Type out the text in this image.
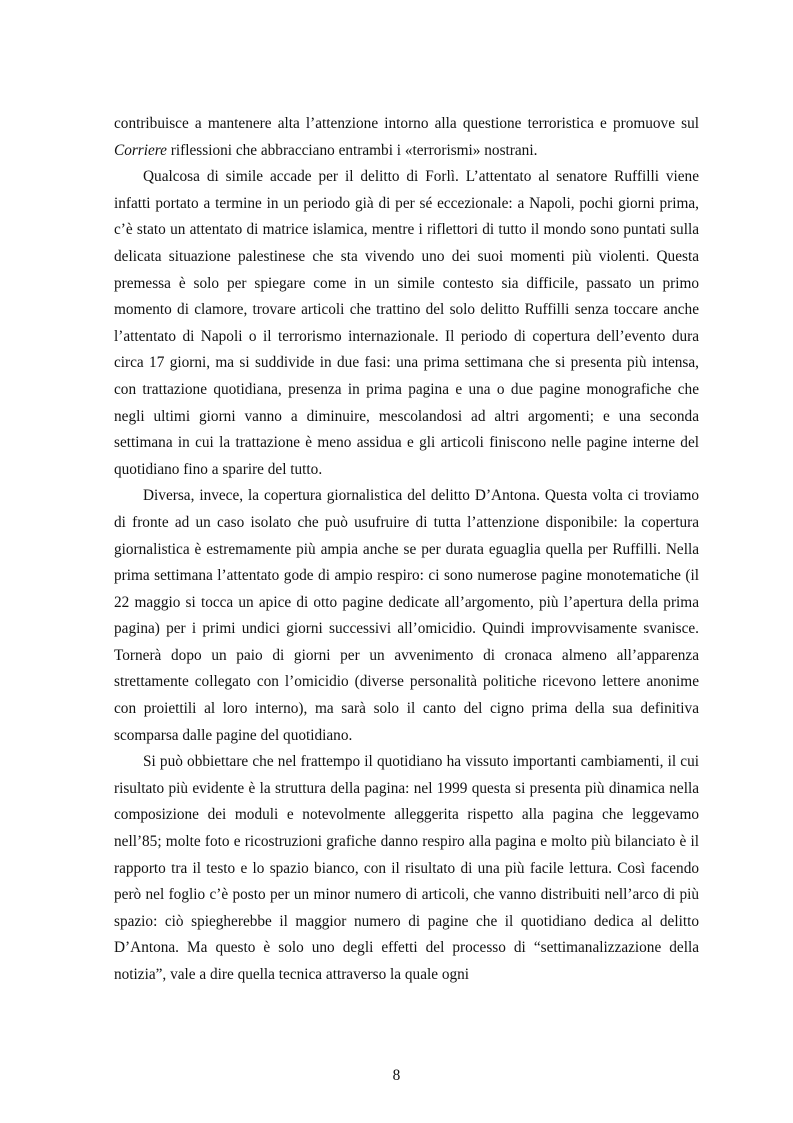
contribuisce a mantenere alta l’attenzione intorno alla questione terroristica e promuove sul Corriere riflessioni che abbracciano entrambi i «terrorismi» nostrani.

Qualcosa di simile accade per il delitto di Forlì. L’attentato al senatore Ruffilli viene infatti portato a termine in un periodo già di per sé eccezionale: a Napoli, pochi giorni prima, c’è stato un attentato di matrice islamica, mentre i riflettori di tutto il mondo sono puntati sulla delicata situazione palestinese che sta vivendo uno dei suoi momenti più violenti. Questa premessa è solo per spiegare come in un simile contesto sia difficile, passato un primo momento di clamore, trovare articoli che trattino del solo delitto Ruffilli senza toccare anche l’attentato di Napoli o il terrorismo internazionale. Il periodo di copertura dell’evento dura circa 17 giorni, ma si suddivide in due fasi: una prima settimana che si presenta più intensa, con trattazione quotidiana, presenza in prima pagina e una o due pagine monografiche che negli ultimi giorni vanno a diminuire, mescolandosi ad altri argomenti; e una seconda settimana in cui la trattazione è meno assidua e gli articoli finiscono nelle pagine interne del quotidiano fino a sparire del tutto.

Diversa, invece, la copertura giornalistica del delitto D’Antona. Questa volta ci troviamo di fronte ad un caso isolato che può usufruire di tutta l’attenzione disponibile: la copertura giornalistica è estremamente più ampia anche se per durata eguaglia quella per Ruffilli. Nella prima settimana l’attentato gode di ampio respiro: ci sono numerose pagine monotematiche (il 22 maggio si tocca un apice di otto pagine dedicate all’argomento, più l’apertura della prima pagina) per i primi undici giorni successivi all’omicidio. Quindi improvvisamente svanisce. Tornerà dopo un paio di giorni per un avvenimento di cronaca almeno all’apparenza strettamente collegato con l’omicidio (diverse personalità politiche ricevono lettere anonime con proiettili al loro interno), ma sarà solo il canto del cigno prima della sua definitiva scomparsa dalle pagine del quotidiano.

Si può obbiettare che nel frattempo il quotidiano ha vissuto importanti cambiamenti, il cui risultato più evidente è la struttura della pagina: nel 1999 questa si presenta più dinamica nella composizione dei moduli e notevolmente alleggerita rispetto alla pagina che leggevamo nell’85; molte foto e ricostruzioni grafiche danno respiro alla pagina e molto più bilanciato è il rapporto tra il testo e lo spazio bianco, con il risultato di una più facile lettura. Così facendo però nel foglio c’è posto per un minor numero di articoli, che vanno distribuiti nell’arco di più spazio: ciò spiegherebbe il maggior numero di pagine che il quotidiano dedica al delitto D’Antona. Ma questo è solo uno degli effetti del processo di “settimanalizzazione della notizia”, vale a dire quella tecnica attraverso la quale ogni

8
